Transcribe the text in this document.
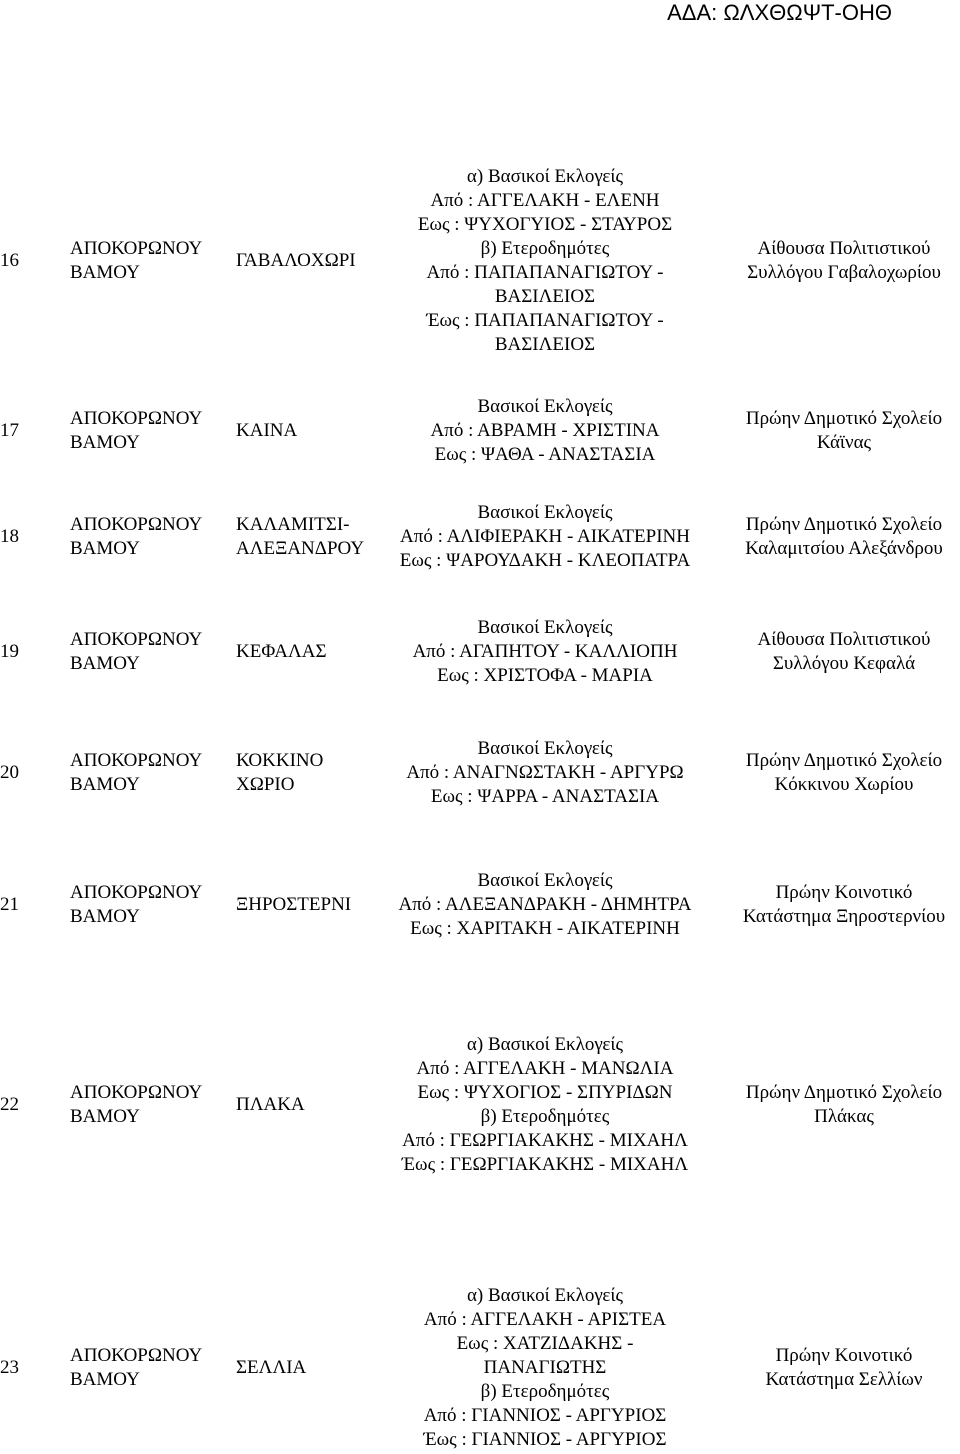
ΑΔΑ: ΩΛΧΘΩΨΤ-ΟΗΘ
16
ΑΠΟΚΟΡΩΝΟΥ
ΒΑΜΟΥ
ΓΑΒΑΛΟΧΩΡΙ
α) Βασικοί Εκλογείς
Από : ΑΓΓΕΛΑΚΗ - ΕΛΕΝΗ
Εως : ΨΥΧΟΓΥΙΟΣ - ΣΤΑΥΡΟΣ
β) Ετεροδημότες
Από : ΠΑΠΑΠΑΝΑΓΙΩΤΟΥ -
ΒΑΣΙΛΕΙΟΣ
Έως : ΠΑΠΑΠΑΝΑΓΙΩΤΟΥ -
ΒΑΣΙΛΕΙΟΣ
Αίθουσα Πολιτιστικού
Συλλόγου Γαβαλοχωρίου
17
ΑΠΟΚΟΡΩΝΟΥ
ΒΑΜΟΥ
ΚΑΙΝΑ
Βασικοί Εκλογείς
Από : ΑΒΡΑΜΗ - ΧΡΙΣΤΙΝΑ
Εως : ΨΑΘΑ - ΑΝΑΣΤΑΣΙΑ
Πρώην Δημοτικό Σχολείο
Κάϊνας
18
ΑΠΟΚΟΡΩΝΟΥ
ΒΑΜΟΥ
ΚΑΛΑΜΙΤΣΙ-
ΑΛΕΞΑΝΔΡΟΥ
Βασικοί Εκλογείς
Από : ΑΛΙΦΙΕΡΑΚΗ - ΑΙΚΑΤΕΡΙΝΗ
Εως : ΨΑΡΟΥΔΑΚΗ - ΚΛΕΟΠΑΤΡΑ
Πρώην Δημοτικό Σχολείο
Καλαμιτσίου Αλεξάνδρου
19
ΑΠΟΚΟΡΩΝΟΥ
ΒΑΜΟΥ
ΚΕΦΑΛΑΣ
Βασικοί Εκλογείς
Από : ΑΓΑΠΗΤΟΥ - ΚΑΛΛΙΟΠΗ
Εως : ΧΡΙΣΤΟΦΑ - ΜΑΡΙΑ
Αίθουσα Πολιτιστικού
Συλλόγου Κεφαλά
20
ΑΠΟΚΟΡΩΝΟΥ
ΒΑΜΟΥ
ΚΟΚΚΙΝΟ
ΧΩΡΙΟ
Βασικοί Εκλογείς
Από : ΑΝΑΓΝΩΣΤΑΚΗ - ΑΡΓΥΡΩ
Εως : ΨΑΡΡΑ - ΑΝΑΣΤΑΣΙΑ
Πρώην Δημοτικό Σχολείο
Κόκκινου Χωρίου
21
ΑΠΟΚΟΡΩΝΟΥ
ΒΑΜΟΥ
ΞΗΡΟΣΤΕΡΝΙ
Βασικοί Εκλογείς
Από : ΑΛΕΞΑΝΔΡΑΚΗ - ΔΗΜΗΤΡΑ
Εως : ΧΑΡΙΤΑΚΗ - ΑΙΚΑΤΕΡΙΝΗ
Πρώην Κοινοτικό
Κατάστημα Ξηροστερνίου
22
ΑΠΟΚΟΡΩΝΟΥ
ΒΑΜΟΥ
ΠΛΑΚΑ
α) Βασικοί Εκλογείς
Από : ΑΓΓΕΛΑΚΗ - ΜΑΝΩΛΙΑ
Εως : ΨΥΧΟΓΙΟΣ - ΣΠΥΡΙΔΩΝ
β) Ετεροδημότες
Από : ΓΕΩΡΓΙΑΚΑΚΗΣ - ΜΙΧΑΗΛ
Έως : ΓΕΩΡΓΙΑΚΑΚΗΣ - ΜΙΧΑΗΛ
Πρώην Δημοτικό Σχολείο
Πλάκας
23
ΑΠΟΚΟΡΩΝΟΥ
ΒΑΜΟΥ
ΣΕΛΛΙΑ
α) Βασικοί Εκλογείς
Από : ΑΓΓΕΛΑΚΗ - ΑΡΙΣΤΕΑ
Εως : ΧΑΤΖΙΔΑΚΗΣ -
ΠΑΝΑΓΙΩΤΗΣ
β) Ετεροδημότες
Από : ΓΙΑΝΝΙΟΣ - ΑΡΓΥΡΙΟΣ
Έως : ΓΙΑΝΝΙΟΣ - ΑΡΓΥΡΙΟΣ
Πρώην Κοινοτικό
Κατάστημα Σελλίων
